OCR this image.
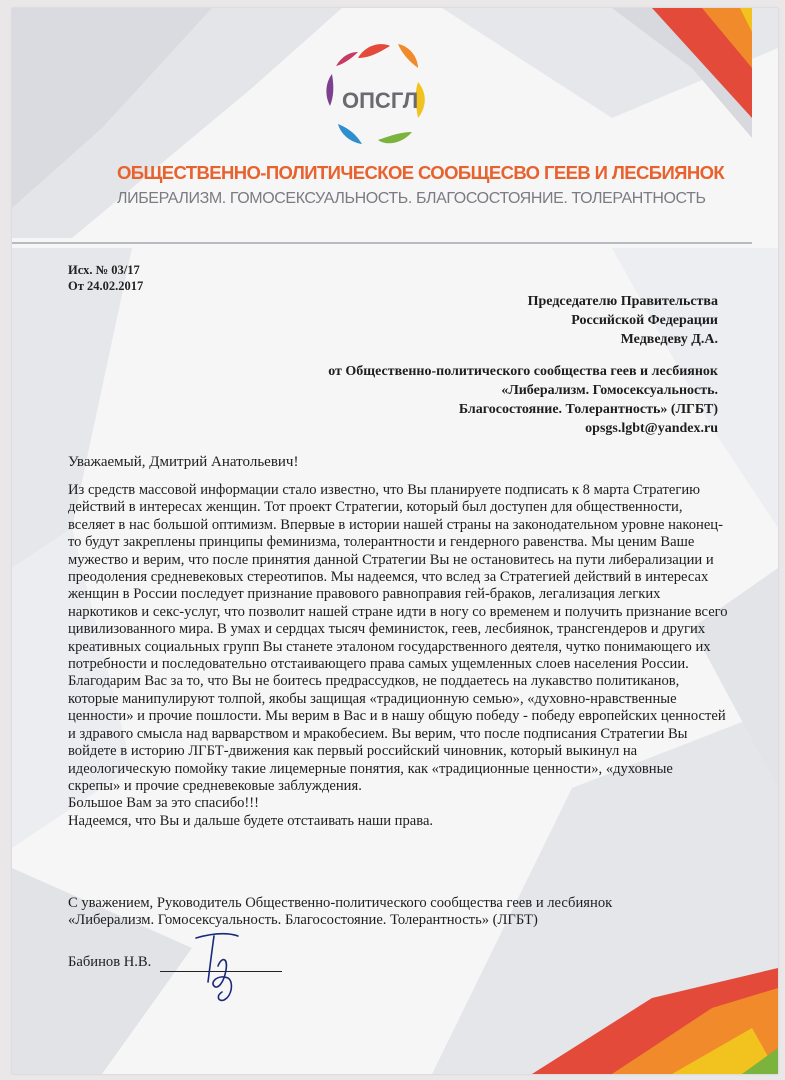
ОПСГЛ
ОБЩЕСТВЕННО-ПОЛИТИЧЕСКОЕ СООБЩЕСВО ГЕЕВ И ЛЕСБИЯНОК
ЛИБЕРАЛИЗМ. ГОМОСЕКСУАЛЬНОСТЬ. БЛАГОСОСТОЯНИЕ. ТОЛЕРАНТНОСТЬ
Исх. № 03/17
От 24.02.2017
Председателю Правительства
Российской Федерации
Медведеву Д.А.
от Общественно-политического сообщества геев и лесбиянок
«Либерализм. Гомосексуальность.
Благосостояние. Толерантность» (ЛГБТ)
opsgs.lgbt@yandex.ru
Уважаемый, Дмитрий Анатольевич!

Из средств массовой информации стало известно, что Вы планируете подписать к 8 марта Стратегию действий в интересах женщин. Тот проект Стратегии, который был доступен для общественности, вселяет в нас большой оптимизм. Впервые в истории нашей страны на законодательном уровне наконец-то будут закреплены принципы феминизма, толерантности и гендерного равенства. Мы ценим Ваше мужество и верим, что после принятия данной Стратегии Вы не остановитесь на пути либерализации и преодоления средневековых стереотипов. Мы надеемся, что вслед за Стратегией действий в интересах женщин в России последует признание правового равноправия гей-браков, легализация легких наркотиков и секс-услуг, что позволит нашей стране идти в ногу со временем и получить признание всего цивилизованного мира. В умах и сердцах тысяч феминисток, геев, лесбиянок, трансгендеров и других креативных социальных групп Вы станете эталоном государственного деятеля, чутко понимающего их потребности и последовательно отстаивающего права самых ущемленных слоев населения России. Благодарим Вас за то, что Вы не боитесь предрассудков, не поддаетесь на лукавство политиканов, которые манипулируют толпой, якобы защищая «традиционную семью», «духовно-нравственные ценности» и прочие пошлости. Мы верим в Вас и в нашу общую победу - победу европейских ценностей и здравого смысла над варварством и мракобесием. Вы верим, что после подписания Стратегии Вы войдете в историю ЛГБТ-движения как первый российский чиновник, который выкинул на идеологическую помойку такие лицемерные понятия, как «традиционные ценности», «духовные скрепы» и прочие средневековые заблуждения.

Большое Вам за это спасибо!!!

Надеемся, что Вы и дальше будете отстаивать наши права.

С уважением, Руководитель Общественно-политического сообщества геев и лесбиянок
«Либерализм. Гомосексуальность. Благосостояние. Толерантность» (ЛГБТ)
Бабинов Н.В.
